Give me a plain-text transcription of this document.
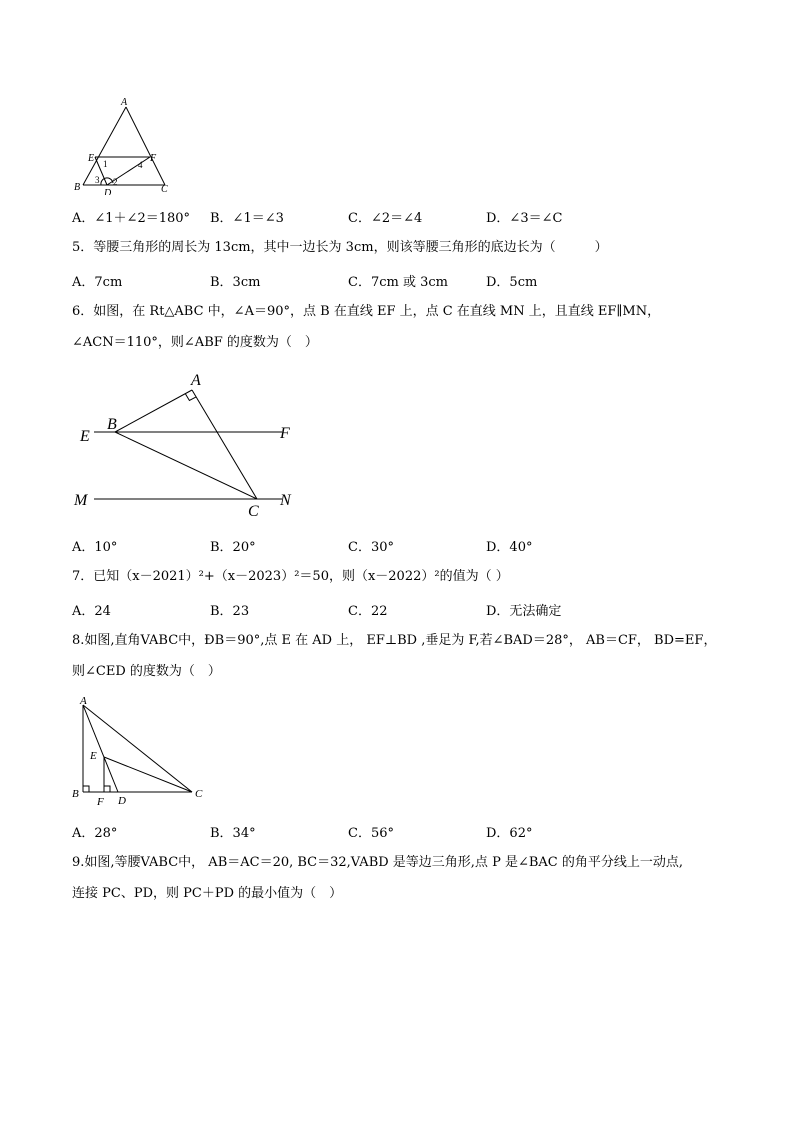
A
B	C
D
E	F
1
2
3
4
A．∠1＋∠2＝180° B．∠1＝∠3	C．∠2＝∠4	D．∠3＝∠C
5．等腰三角形的周长为 13cm，其中一边长为 3cm，则该等腰三角形的底边长为（　　　）
A．7cm	B．3cm	C．7cm 或 3cm	D．5cm
6．如图，在 Rt△ABC 中，∠A＝90°，点 B 在直线 EF 上，点 C 在直线 MN 上，且直线 EF∥MN，
∠ACN＝110°，则∠ABF 的度数为（　）
A
B
C
E	F
M	N
A．10°	B．20°	C．30°	D．40°
7．已知（x－2021）²+（x－2023）²＝50，则（x－2022）²的值为（ ）
A．24	B．23	C．22	D．无法确定
8.如图,直角VABC中，ÐB＝90°,点 E 在 AD 上， EF⊥BD ,垂足为 F,若∠BAD＝28°， AB＝CF， BD=EF，
则∠CED 的度数为（　）
A
B	C
D
E
F
A．28°	B．34°	C．56°	D．62°
9.如图,等腰VABC中， AB＝AC＝20, BC＝32,VABD 是等边三角形,点 P 是∠BAC 的角平分线上一动点,
连接 PC、PD，则 PC＋PD 的最小值为（　）
